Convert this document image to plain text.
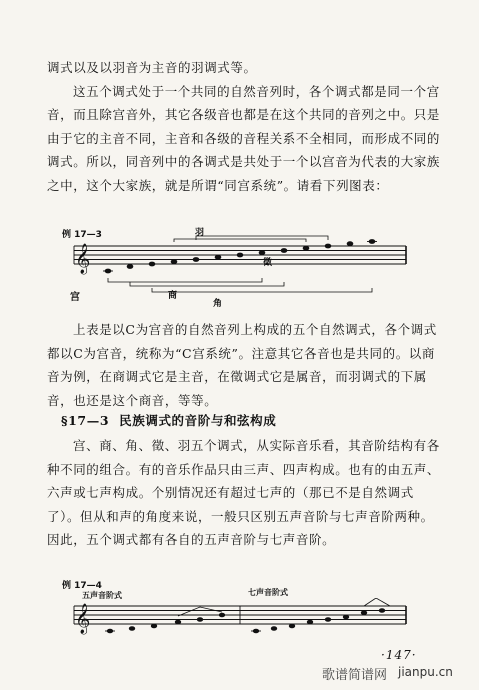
调式以及以羽音为主音的羽调式等。

这五个调式处于一个共同的自然音列时，各个调式都是同一个宫音，而且除宫音外，其它各级音也都是在这个共同的音列之中。只是由于它的主音不同，主音和各级的音程关系不全相同，而形成不同的调式。所以，同音列中的各调式是共处于一个以宫音为代表的大家族之中，这个大家族，就是所谓“同宫系统”。请看下列图表：

例 17—3
𝄞
宫	商
角
徵
羽

上表是以C为宫音的自然音列上构成的五个自然调式，各个调式都以C为宫音，统称为“C宫系统”。注意其它各音也是共同的。以商音为例，在商调式它是主音，在徵调式它是属音，而羽调式的下属音，也还是这个商音，等等。

§17—3 民族调式的音阶与和弦构成

宫、商、角、徵、羽五个调式，从实际音乐看，其音阶结构有各种不同的组合。有的音乐作品只由三声、四声构成。也有的由五声、六声或七声构成。个别情况还有超过七声的（那已不是自然调式了）。但从和声的角度来说，一般只区别五声音阶与七声音阶两种。因此，五个调式都有各自的五声音阶与七声音阶。

例 17—4
五声音阶式	七声音阶式
𝄞
·147·
歌谱简谱网 jianpu.cn
